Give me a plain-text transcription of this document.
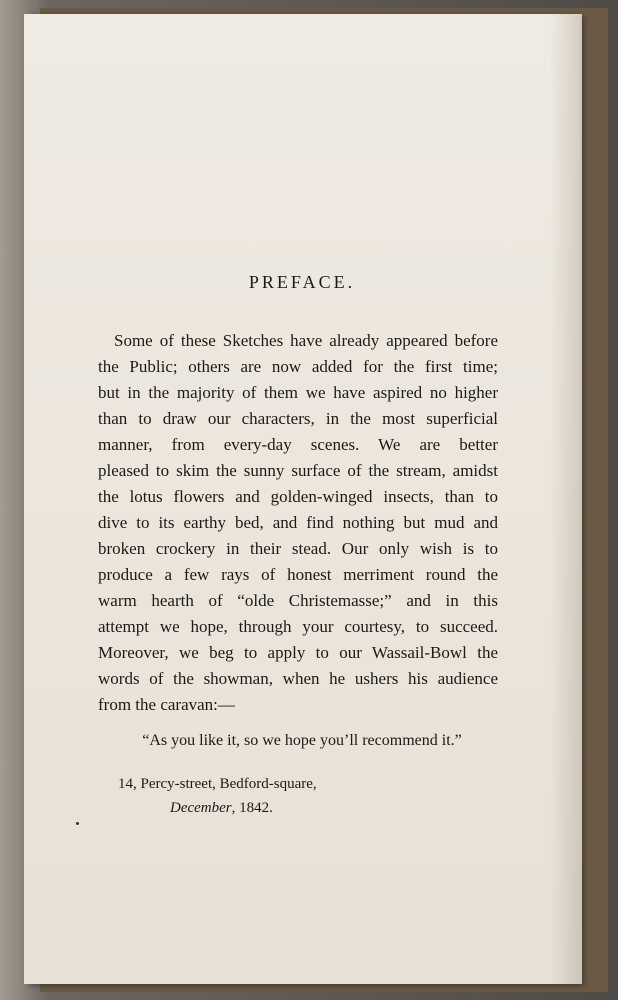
PREFACE.
Some of these Sketches have already appeared before
the Public; others are now added for the first time;
but in the majority of them we have aspired no higher
than to draw our characters, in the most superficial
manner, from every-day scenes. We are better
pleased to skim the sunny surface of the stream, amidst
the lotus flowers and golden-winged insects, than to
dive to its earthy bed, and find nothing but mud and
broken crockery in their stead. Our only wish is to
produce a few rays of honest merriment round the
warm hearth of “olde Christemasse;” and in this
attempt we hope, through your courtesy, to succeed.
Moreover, we beg to apply to our Wassail-Bowl the
words of the showman, when he ushers his audience
from the caravan:—
“As you like it, so we hope you’ll recommend it.”
14, Percy-street, Bedford-square,
December, 1842.
